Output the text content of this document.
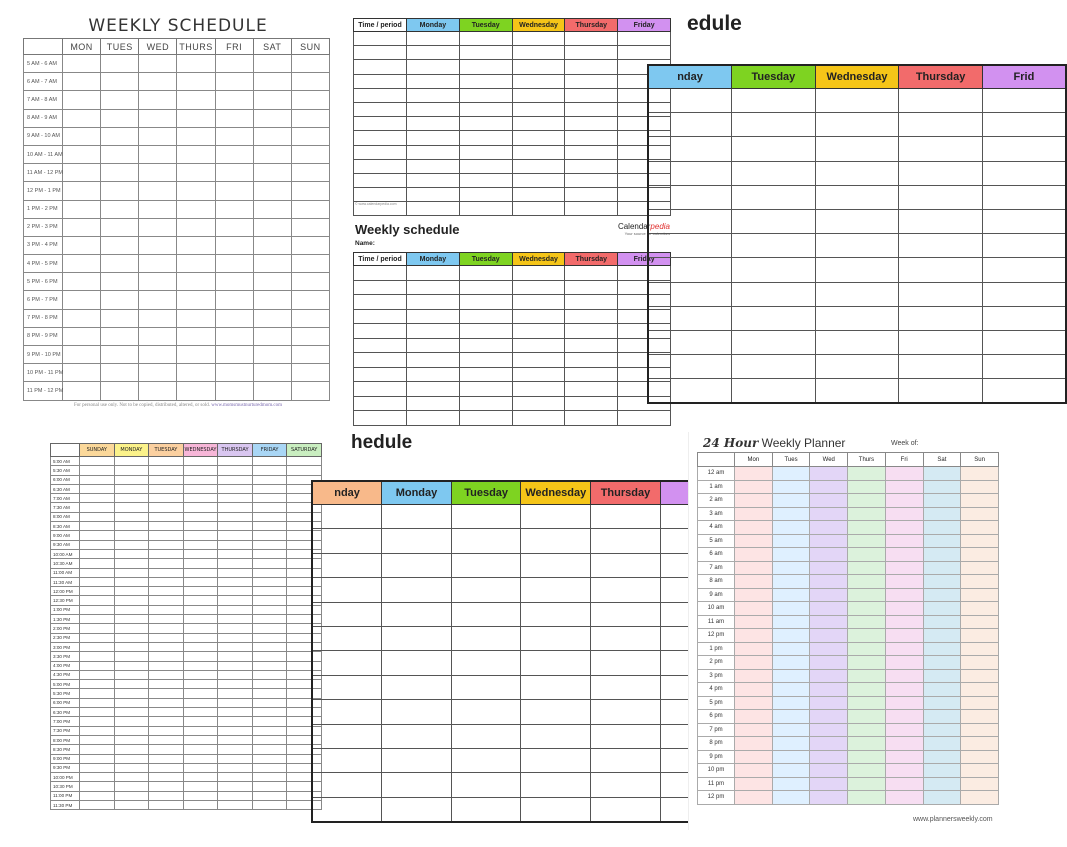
WEEKLY SCHEDULE
	MON	TUES	WED	THURS	FRI	SAT	SUN
5 AM - 6 AM							
6 AM - 7 AM							
7 AM - 8 AM							
8 AM - 9 AM							
9 AM - 10 AM							
10 AM - 11 AM							
11 AM - 12 PM							
12 PM - 1 PM							
1 PM - 2 PM							
2 PM - 3 PM							
3 PM - 4 PM							
4 PM - 5 PM							
5 PM - 6 PM							
6 PM - 7 PM							
7 PM - 8 PM							
8 PM - 9 PM							
9 PM - 10 PM							
10 PM - 11 PM							
11 PM - 12 PM							
For personal use only. Not to be copied, distributed, altered, or sold. www.momsmustnurturedmom.com
Time / period	Monday	Tuesday	Wednesday	Thursday	Friday

© www.calendarpedia.com
Weekly schedule
Name:
Calendarpedia
Your source for calendars
Time / period	Monday	Tuesday	Wednesday	Thursday	Friday

edule
nday	Tuesday	Wednesday	Thursday	Frid

	SUNDAY	MONDAY	TUESDAY	WEDNESDAY	THURSDAY	FRIDAY	SATURDAY
5:00 AM							
5:30 AM							
6:00 AM							
6:30 AM							
7:00 AM							
7:30 AM							
8:00 AM							
8:30 AM							
9:00 AM							
9:30 AM							
10:00 AM							
10:30 AM							
11:00 AM							
11:30 AM							
12:00 PM							
12:30 PM							
1:00 PM							
1:30 PM							
2:00 PM							
2:30 PM							
3:00 PM							
3:30 PM							
4:00 PM							
4:30 PM							
5:00 PM							
5:30 PM							
6:00 PM							
6:30 PM							
7:00 PM							
7:30 PM							
8:00 PM							
8:30 PM							
9:00 PM							
9:30 PM							
10:00 PM							
10:30 PM							
11:00 PM							
11:30 PM							
hedule
nday	Monday	Tuesday	Wednesday	Thursday	

24 Hour Weekly Planner	Week of:
	Mon	Tues	Wed	Thurs	Fri	Sat	Sun
12 am							
1 am							
2 am							
3 am							
4 am							
5 am							
6 am							
7 am							
8 am							
9 am							
10 am							
11 am							
12 pm							
1 pm							
2 pm							
3 pm							
4 pm							
5 pm							
6 pm							
7 pm							
8 pm							
9 pm							
10 pm							
11 pm							
12 pm							
www.plannersweekly.com
